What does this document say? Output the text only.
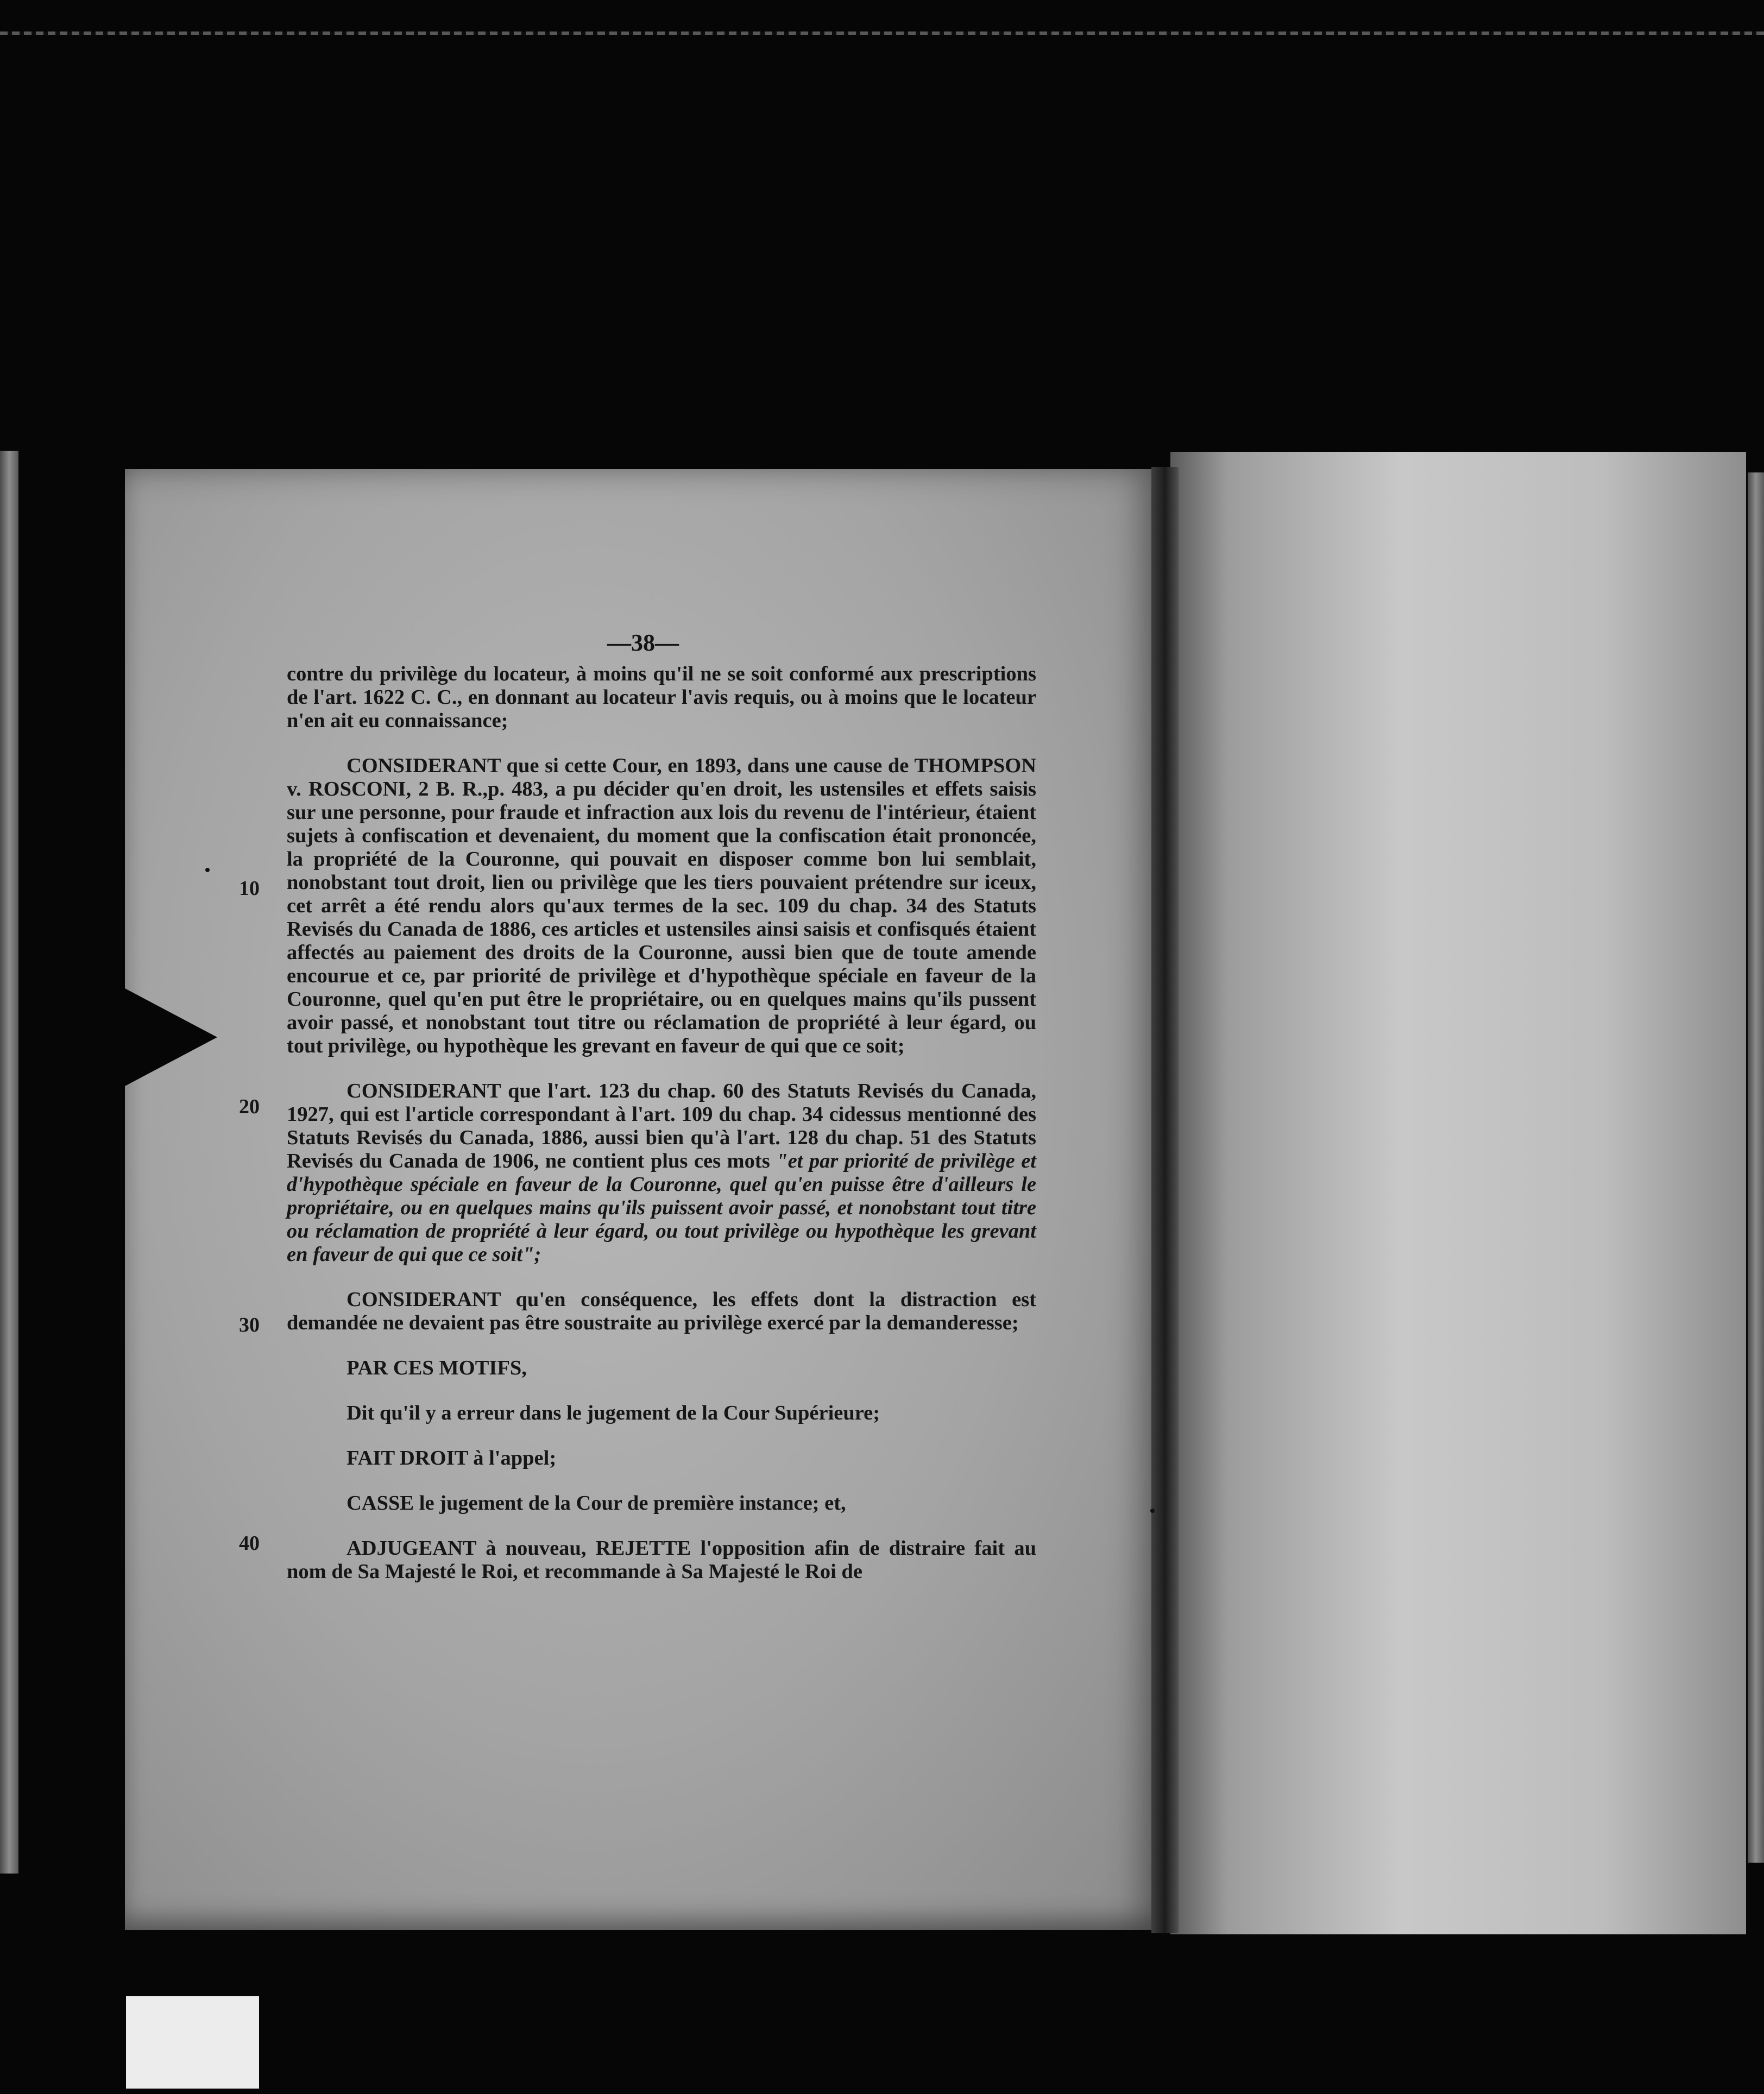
—38—
10
20
30
40

contre du privilège du locateur, à moins qu'il ne se soit conformé aux prescriptions de l'art. 1622 C. C., en donnant au locateur l'avis requis, ou à moins que le locateur n'en ait eu connaissance;

CONSIDERANT que si cette Cour, en 1893, dans une cause de THOMPSON v. ROSCONI, 2 B. R.,p. 483, a pu décider qu'en droit, les ustensiles et effets saisis sur une personne, pour fraude et infraction aux lois du revenu de l'intérieur, étaient sujets à confiscation et devenaient, du moment que la confiscation était prononcée, la propriété de la Couronne, qui pouvait en disposer comme bon lui semblait, nonobstant tout droit, lien ou privilège que les tiers pouvaient prétendre sur iceux, cet arrêt a été rendu alors qu'aux termes de la sec. 109 du chap. 34 des Statuts Revisés du Canada de 1886, ces articles et ustensiles ainsi saisis et confisqués étaient affectés au paiement des droits de la Couronne, aussi bien que de toute amende encourue et ce, par priorité de privilège et d'hypothèque spéciale en faveur de la Couronne, quel qu'en put être le propriétaire, ou en quelques mains qu'ils pussent avoir passé, et nonobstant tout titre ou réclamation de propriété à leur égard, ou tout privilège, ou hypothèque les grevant en faveur de qui que ce soit;

CONSIDERANT que l'art. 123 du chap. 60 des Statuts Revisés du Canada, 1927, qui est l'article correspondant à l'art. 109 du chap. 34 cidessus mentionné des Statuts Revisés du Canada, 1886, aussi bien qu'à l'art. 128 du chap. 51 des Statuts Revisés du Canada de 1906, ne contient plus ces mots "et par priorité de privilège et d'hypothèque spéciale en faveur de la Couronne, quel qu'en puisse être d'ailleurs le propriétaire, ou en quelques mains qu'ils puissent avoir passé, et nonobstant tout titre ou réclamation de propriété à leur égard, ou tout privilège ou hypothèque les grevant en faveur de qui que ce soit";

CONSIDERANT qu'en conséquence, les effets dont la distraction est demandée ne devaient pas être soustraite au privilège exercé par la demanderesse;

PAR CES MOTIFS,

Dit qu'il y a erreur dans le jugement de la Cour Supérieure;

FAIT DROIT à l'appel;

CASSE le jugement de la Cour de première instance; et,

ADJUGEANT à nouveau, REJETTE l'opposition afin de distraire fait au nom de Sa Majesté le Roi, et recommande à Sa Majesté le Roi de
